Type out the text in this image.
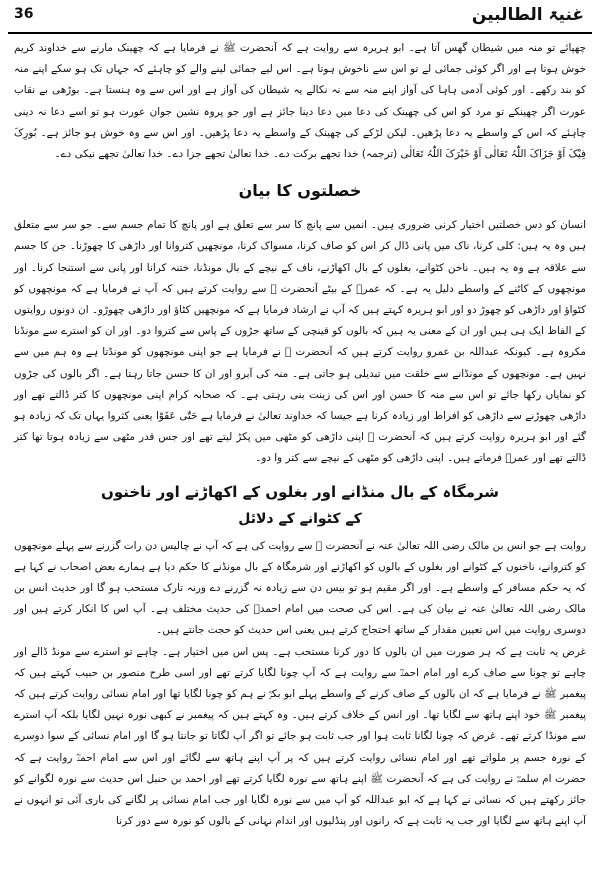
36	غنیۃ الطالبین

چھپائے تو منہ میں شیطان گھس آتا ہے۔ ابو ہریرہ سے روایت ہے کہ آنحضرت ﷺ نے فرمایا ہے کہ چھینک مارنے سے خداوند کریم خوش ہوتا ہے اور اگر کوئی جمائی لے تو اس سے ناخوش ہوتا ہے۔ اس لیے جمائی لینے والے کو چاہئے کہ جہاں تک ہو سکے اپنے منہ کو بند رکھے۔ اور کوئی آدمی ہاہا کی آواز اپنے منہ سے نہ نکالے یہ شیطان کی آواز ہے اور اس سے وہ ہنستا ہے۔ بوڑھی بے نقاب عورت اگر چھینکے تو مرد کو اس کی چھینک کی دعا میں دعا دینا جائز ہے اور جو پروہ نشین جوان عورت ہو تو اسے دعا نہ دینی چاہئے کہ اس کے واسطے یہ دعا پڑھیں۔ لیکن لڑکے کی چھینک کے واسطے یہ دعا پڑھیں۔ اور اس سے وہ خوش ہو جائز ہے۔ بُورِکَ فِیْکَ اَوْ جَزَاکَ اللّٰہُ تَعَالٰی اَوْ خَیْرَکَ اللّٰہُ تَعَالٰی (ترجمہ) خدا تجھے برکت دے۔ خدا تعالیٰ تجھے جزا دے۔ خدا تعالیٰ تجھے نیکی دے۔

خصلتوں کا بیان

انسان کو دس خصلتیں اختیار کرنی ضروری ہیں۔ انمیں سے پانچ کا سر سے تعلق ہے اور پانچ کا تمام جسم سے۔ جو سر سے متعلق ہیں وہ یہ ہیں: کلی کرنا، ناک میں پانی ڈال کر اس کو صاف کرنا، مسواک کرنا، مونچھیں کتروانا اور داڑھی کا چھوڑنا۔ جن کا جسم سے علاقہ ہے وہ یہ ہیں۔ ناخن کٹوانے، بغلوں کے بال اکھاڑنے، ناف کے نیچے کے بال مونڈنا، ختنہ کرانا اور پانی سے استنجا کرنا۔ اور مونچھوں کے کاٹنے کے واسطے دلیل یہ ہے۔ کہ عمرؓ کے بیٹے آنحضرت ﷺ سے روایت کرتے ہیں کہ آپ نے فرمایا ہے کہ مونچھوں کو کٹواؤ اور داڑھی کو چھوڑ دو اور ابو ہریرہ کہتے ہیں کہ آپ نے ارشاد فرمایا ہے کہ مونچھیں کٹاؤ اور داڑھی چھوڑو۔ ان دونوں روایتوں کے الفاظ ایک ہی ہیں اور ان کے معنی یہ ہیں کہ بالوں کو قینچی کے ساتھ جڑوں کے پاس سے کتروا دو۔ اور ان کو استرے سے مونڈنا مکروہ ہے۔ کیونکہ عبداللہ بن عمرو روایت کرتے ہیں کہ آنحضرت ﷺ نے فرمایا ہے جو اپنی مونچھوں کو مونڈتا ہے وہ ہم میں سے نہیں ہے۔ مونچھوں کے مونڈانے سے خلقت میں تبدیلی ہو جاتی ہے۔ منہ کی آبرو اور ان کا حسن جاتا رہتا ہے۔ اگر بالوں کی جڑوں کو نمایاں رکھا جائے تو اس سے منہ کا حسن اور اس کی زینت بنی رہتی ہے۔ کہ صحابہ کرام اپنی مونچھوں کا کتر ڈالتے تھے اور داڑھی چھوڑنے سے داڑھی کو افراط اور زیادہ کرنا ہے جیسا کہ خداوند تعالیٰ نے فرمایا ہے حَتّٰی عَفَوْا یعنی کثروا یہاں تک کہ زیادہ ہو گئے اور ابو ہریرہ روایت کرتے ہیں کہ آنحضرت ﷺ اپنی داڑھی کو مٹھی میں پکڑ لیتے تھے اور جس قدر مٹھی سے زیادہ ہوتا تھا کتر ڈالتے تھے اور عمرؓ فرماتے ہیں۔ اپنی داڑھی کو مٹھی کے نیچے سے کتر وا دو۔

شرمگاہ کے بال منڈانے اور بغلوں کے اکھاڑنے اور ناخنوں
کے کٹوانے کے دلائل

روایت ہے جو انس بن مالک رضی اللہ تعالیٰ عنہ نے آنحضرت ﷺ سے روایت کی ہے کہ آپ نے چالیس دن رات گزرنے سے پہلے مونچھوں کو کتروانے، ناخنوں کے کٹوانے اور بغلوں کے بالوں کو اکھاڑنے اور شرمگاہ کے بال مونڈنے کا حکم دیا ہے ہمارے بعض اصحاب نے کہا ہے کہ یہ حکم مسافر کے واسطے ہے۔ اور اگر مقیم ہو تو بیس دن سے زیادہ نہ گزرنے دے ورنہ تارک مستحب ہو گا اور حدیث انس بن مالک رضی اللہ تعالیٰ عنہ نے بیان کی ہے۔ اس کی صحت میں امام احمدؒ کی حدیث مختلف ہے۔ آپ اس کا انکار کرتے ہیں اور دوسری روایت میں اس تعیین مقدار کے ساتھ احتجاج کرتے ہیں یعنی اس حدیث کو حجت جانتے ہیں۔

غرض یہ ثابت ہے کہ ہر صورت میں ان بالوں کا دور کرنا مستحب ہے۔ پس اس میں اختیار ہے۔ چاہے تو استرے سے مونڈ ڈالے اور چاہے تو چونا سے صاف کرے اور امام احمدؒ سے روایت ہے کہ آپ چونا لگایا کرتے تھے اور اسی طرح منصور بن حبیب کہتے ہیں کہ پیغمبر ﷺ نے فرمایا ہے کہ ان بالوں کے صاف کرنے کے واسطے پہلے ابو بکرؓ نے ہم کو چونا لگایا تھا اور امام نسائی روایت کرتے ہیں کہ پیغمبر ﷺ خود اپنے ہاتھ سے لگایا تھا۔ اور انس کے خلاف کرتے ہیں۔ وہ کہتے ہیں کہ پیغمبر نے کبھی نورہ نہیں لگایا بلکہ آپ استرے سے مونڈا کرتے تھے۔ غرض کہ چونا لگانا ثابت ہوا اور جب ثابت ہو جائے تو اگر آپ لگاتا تو جانتا ہو گا اور امام نسائی کے سوا دوسرے کے نورہ جسم پر ملواتے تھے اور امام نسائی روایت کرتے ہیں کہ پر آپ اپنے ہاتھ سے لگائے اور اس سے امام احمدؒ روایت ہے کہ حضرت ام سلمہؓ نے روایت کی ہے کہ آنحضرت ﷺ اپنے ہاتھ سے نورہ لگایا کرتے تھے اور احمد بن حنبل اس حدیث سے نورہ لگوانے کو جائز رکھتے ہیں کہ نسائی نے کہا ہے کہ ابو عبداللہ کو آپ میں سے نورہ لگایا اور جب امام نسائی پر لگانے کی باری آئی تو انہوں نے آپ اپنے ہاتھ سے لگایا اور جب یہ ثابت ہے کہ رانوں اور پنڈلیوں اور اندام نہانی کے بالوں کو نورہ سے دور کرنا
